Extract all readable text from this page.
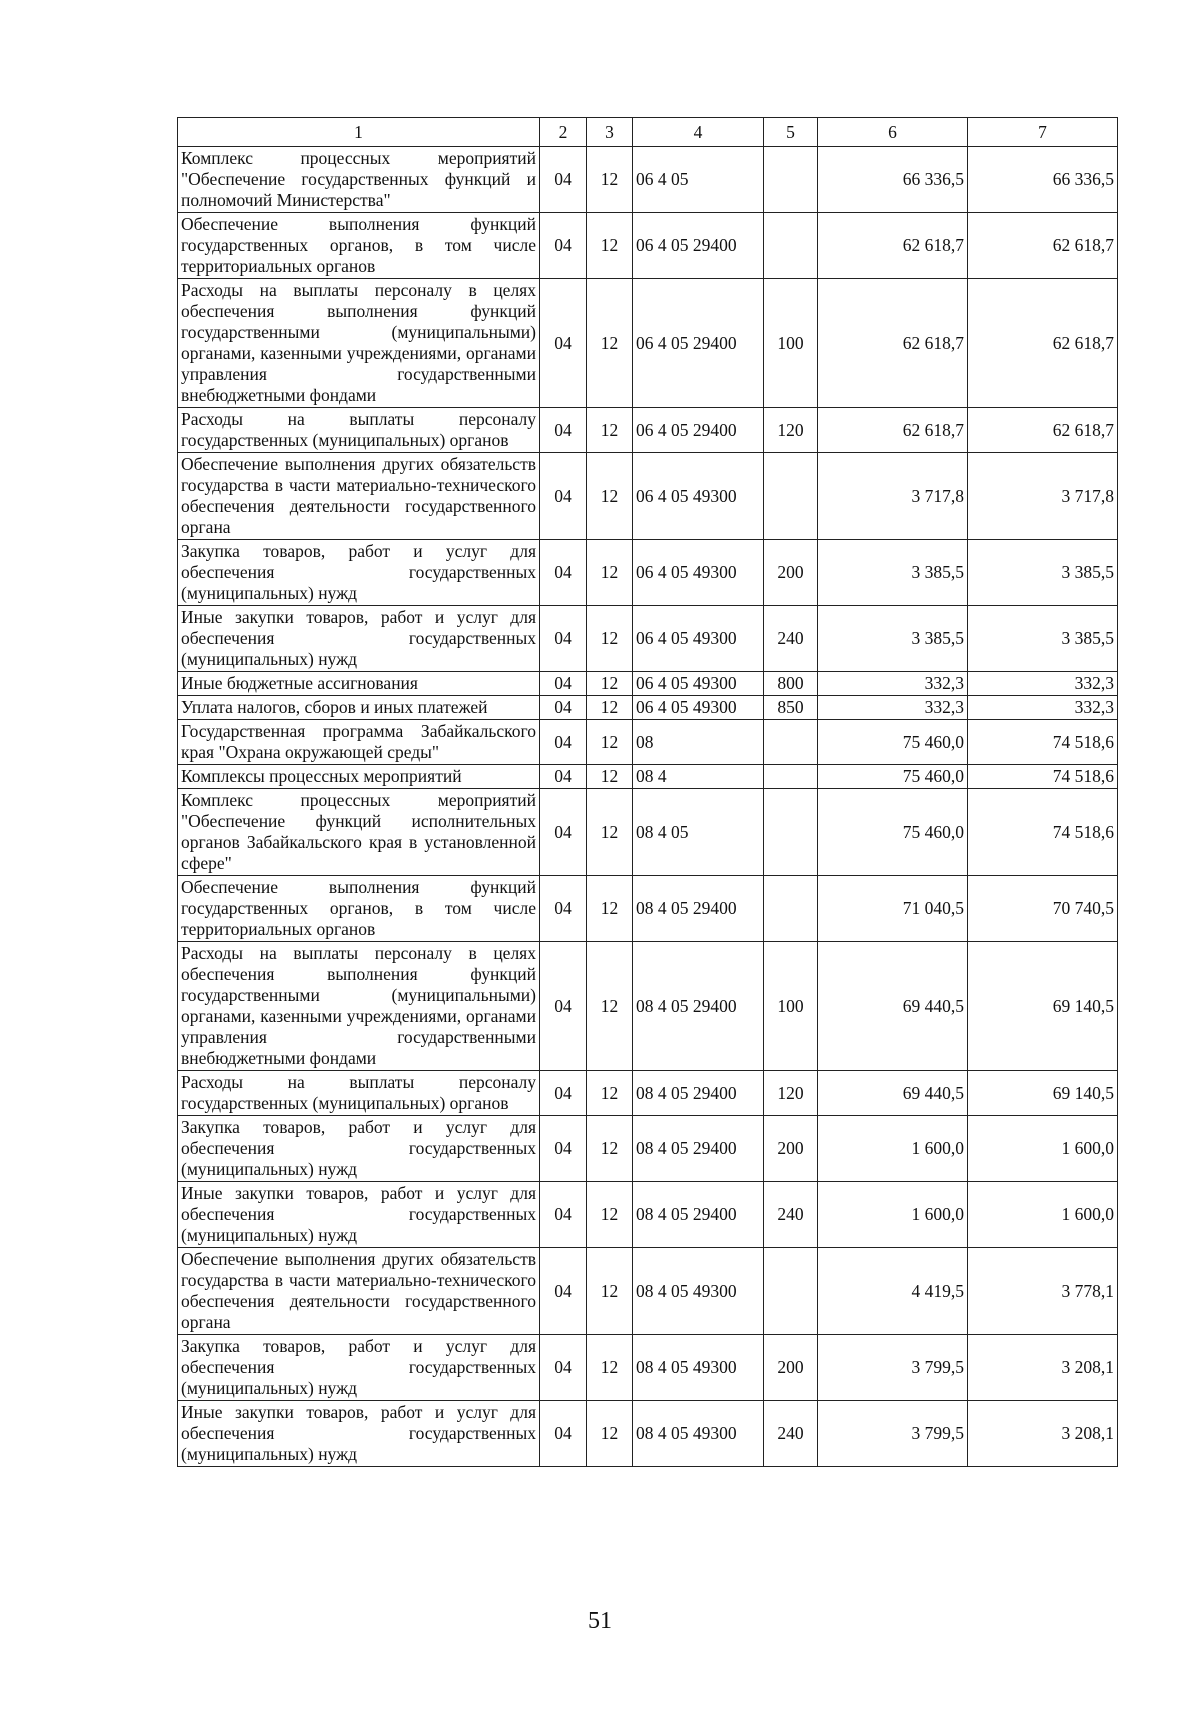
1	2	3	4	5	6	7
Комплекс процессных мероприятий "Обеспечение государственных функций и полномочий Министерства"	04	12	06 4 05		66 336,5	66 336,5
Обеспечение выполнения функций государственных органов, в том числе территориальных органов	04	12	06 4 05 29400		62 618,7	62 618,7
Расходы на выплаты персоналу в целях обеспечения выполнения функций государственными (муниципальными) органами, казенными учреждениями, органами управления государственными внебюджетными фондами	04	12	06 4 05 29400	100	62 618,7	62 618,7
Расходы на выплаты персоналу государственных (муниципальных) органов	04	12	06 4 05 29400	120	62 618,7	62 618,7
Обеспечение выполнения других обязательств государства в части материально-технического обеспечения деятельности государственного органа	04	12	06 4 05 49300		3 717,8	3 717,8
Закупка товаров, работ и услуг для обеспечения государственных (муниципальных) нужд	04	12	06 4 05 49300	200	3 385,5	3 385,5
Иные закупки товаров, работ и услуг для обеспечения государственных (муниципальных) нужд	04	12	06 4 05 49300	240	3 385,5	3 385,5
Иные бюджетные ассигнования	04	12	06 4 05 49300	800	332,3	332,3
Уплата налогов, сборов и иных платежей	04	12	06 4 05 49300	850	332,3	332,3
Государственная программа Забайкальского края "Охрана окружающей среды"	04	12	08		75 460,0	74 518,6
Комплексы процессных мероприятий	04	12	08 4		75 460,0	74 518,6
Комплекс процессных мероприятий "Обеспечение функций исполнительных органов Забайкальского края в установленной сфере"	04	12	08 4 05		75 460,0	74 518,6
Обеспечение выполнения функций государственных органов, в том числе территориальных органов	04	12	08 4 05 29400		71 040,5	70 740,5
Расходы на выплаты персоналу в целях обеспечения выполнения функций государственными (муниципальными) органами, казенными учреждениями, органами управления государственными внебюджетными фондами	04	12	08 4 05 29400	100	69 440,5	69 140,5
Расходы на выплаты персоналу государственных (муниципальных) органов	04	12	08 4 05 29400	120	69 440,5	69 140,5
Закупка товаров, работ и услуг для обеспечения государственных (муниципальных) нужд	04	12	08 4 05 29400	200	1 600,0	1 600,0
Иные закупки товаров, работ и услуг для обеспечения государственных (муниципальных) нужд	04	12	08 4 05 29400	240	1 600,0	1 600,0
Обеспечение выполнения других обязательств государства в части материально-технического обеспечения деятельности государственного органа	04	12	08 4 05 49300		4 419,5	3 778,1
Закупка товаров, работ и услуг для обеспечения государственных (муниципальных) нужд	04	12	08 4 05 49300	200	3 799,5	3 208,1
Иные закупки товаров, работ и услуг для обеспечения государственных (муниципальных) нужд	04	12	08 4 05 49300	240	3 799,5	3 208,1
51
